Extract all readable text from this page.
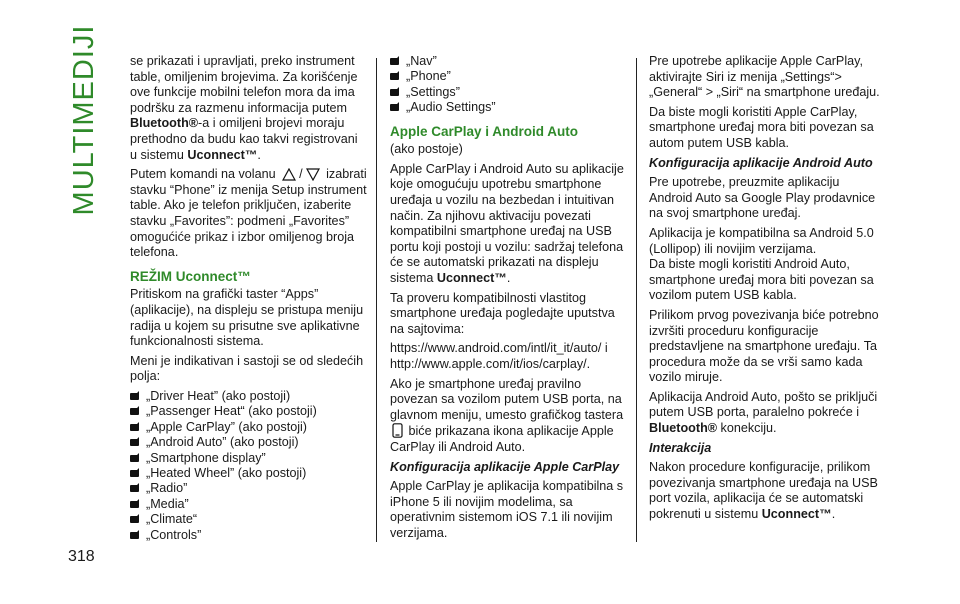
MULTIMEDIJI
318

se prikazati i upravljati, preko instrument table, omiljenim brojevima. Za korišćenje ove funkcije mobilni telefon mora da ima podršku za razmenu informacija putem Bluetooth®-a i omiljeni brojevi moraju prethodno da budu kao takvi registrovani u sistemu Uconnect™.

Putem komandi na volanu / izabrati stavku “Phone” iz menija Setup instrument table. Ako je telefon priključen, izaberite stavku „Favorites”: podmeni „Favorites” omogućiće prikaz i izbor omiljenog broja telefona.

REŽIM Uconnect™

Pritiskom na grafički taster “Apps” (aplikacije), na displeju se pristupa meniju radija u kojem su prisutne sve aplikativne funkcionalnosti sistema.

Meni je indikativan i sastoji se od sledećih polja:

„Driver Heat” (ako postoji)
„Passenger Heat“ (ako postoji)
„Apple CarPlay” (ako postoji)
„Android Auto” (ako postoji)
„Smartphone display”
„Heated Wheel” (ako postoji)
„Radio”
„Media”
„Climate“
„Controls”
„Nav”
„Phone”
„Settings”
„Audio Settings”
Apple CarPlay i Android Auto

(ako postoje)

Apple CarPlay i Android Auto su aplikacije koje omogućuju upotrebu smartphone uređaja u vozilu na bezbedan i intuitivan način. Za njihovu aktivaciju povezati kompatibilni smartphone uređaj na USB portu koji postoji u vozilu: sadržaj telefona će se automatski prikazati na displeju sistema Uconnect™.

Ta proveru kompatibilnosti vlastitog smartphone uređaja pogledajte uputstva na sajtovima:

https://www.android.com/intl/it_it/auto/ i http://www.apple.com/it/ios/carplay/.

Ako je smartphone uređaj pravilno povezan sa vozilom putem USB porta, na glavnom meniju, umesto grafičkog tastera  biće prikazana ikona aplikacije Apple CarPlay ili Android Auto.

Konfiguracija aplikacije Apple CarPlay

Apple CarPlay je aplikacija kompatibilna s iPhone 5 ili novijim modelima, sa operativnim sistemom iOS 7.1 ili novijim verzijama.

Pre upotrebe aplikacije Apple CarPlay, aktivirajte Siri iz menija „Settings“> „General“ > „Siri“ na smartphone uređaju.

Da biste mogli koristiti Apple CarPlay, smartphone uređaj mora biti povezan sa autom putem USB kabla.

Konfiguracija aplikacije Android Auto

Pre upotrebe, preuzmite aplikaciju Android Auto sa Google Play prodavnice na svoj smartphone uređaj.

Aplikacija je kompatibilna sa Android 5.0 (Lollipop) ili novijim verzijama.

Da biste mogli koristiti Android Auto, smartphone uređaj mora biti povezan sa vozilom putem USB kabla.

Prilikom prvog povezivanja biće potrebno izvršiti proceduru konfiguracije predstavljene na smartphone uređaju. Ta procedura može da se vrši samo kada vozilo miruje.

Aplikacija Android Auto, pošto se priključi putem USB porta, paralelno pokreće i Bluetooth® konekciju.

Interakcija

Nakon procedure konfiguracije, prilikom povezivanja smartphone uređaja na USB port vozila, aplikacija će se automatski pokrenuti u sistemu Uconnect™.
